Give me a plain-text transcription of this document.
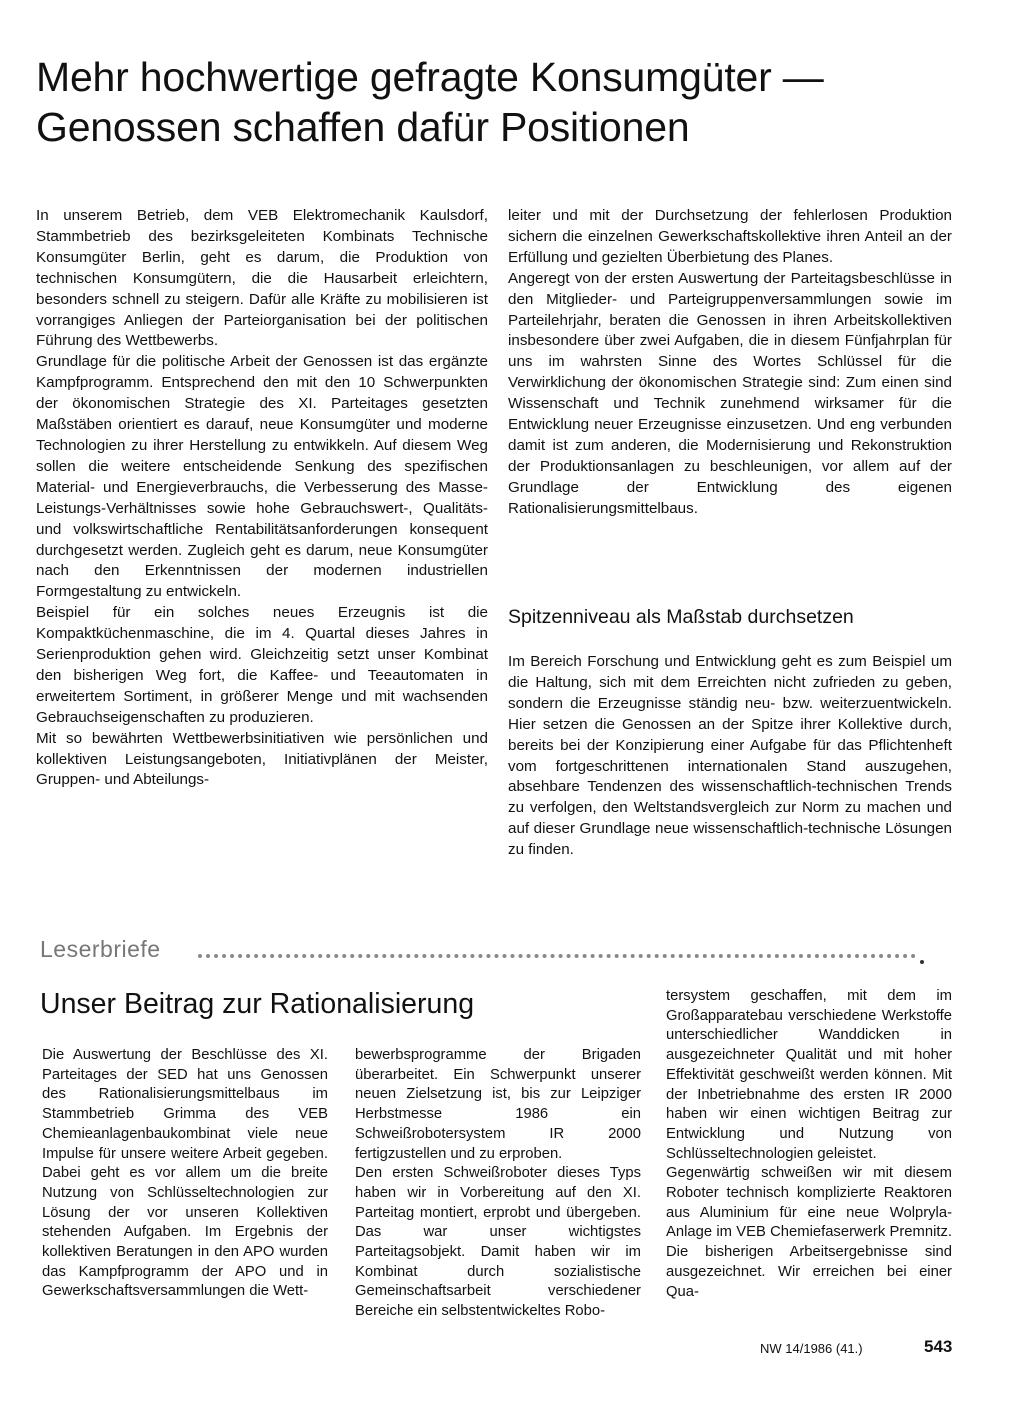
Mehr hochwertige gefragte Konsumgüter —
Genossen schaffen dafür Positionen

In unserem Betrieb, dem VEB Elektromechanik Kaulsdorf, Stammbetrieb des bezirksgeleiteten Kombinats Technische Konsumgüter Berlin, geht es darum, die Produktion von technischen Konsumgütern, die die Hausarbeit erleichtern, besonders schnell zu steigern. Dafür alle Kräfte zu mobilisieren ist vorrangiges Anliegen der Parteiorganisation bei der politischen Führung des Wettbewerbs.

Grundlage für die politische Arbeit der Genossen ist das ergänzte Kampfprogramm. Entsprechend den mit den 10 Schwerpunkten der ökonomischen Strategie des XI. Parteitages gesetzten Maßstäben orientiert es darauf, neue Konsumgüter und moderne Technologien zu ihrer Herstellung zu entwikkeln. Auf diesem Weg sollen die weitere entscheidende Senkung des spezifischen Material- und Energieverbrauchs, die Verbesserung des Masse-Leistungs-Verhältnisses sowie hohe Gebrauchswert-, Qualitäts- und volkswirtschaftliche Rentabilitätsanforderungen konsequent durchgesetzt werden. Zugleich geht es darum, neue Konsumgüter nach den Erkenntnissen der modernen industriellen Formgestaltung zu entwickeln.

Beispiel für ein solches neues Erzeugnis ist die Kompaktküchenmaschine, die im 4. Quartal dieses Jahres in Serienproduktion gehen wird. Gleichzeitig setzt unser Kombinat den bisherigen Weg fort, die Kaffee- und Teeautomaten in erweitertem Sortiment, in größerer Menge und mit wachsenden Gebrauchseigenschaften zu produzieren.

Mit so bewährten Wettbewerbsinitiativen wie persönlichen und kollektiven Leistungsangeboten, Initiativplänen der Meister, Gruppen- und Abteilungs-

leiter und mit der Durchsetzung der fehlerlosen Produktion sichern die einzelnen Gewerkschaftskollektive ihren Anteil an der Erfüllung und gezielten Überbietung des Planes.

Angeregt von der ersten Auswertung der Parteitagsbeschlüsse in den Mitglieder- und Parteigruppenversammlungen sowie im Parteilehrjahr, beraten die Genossen in ihren Arbeitskollektiven insbesondere über zwei Aufgaben, die in diesem Fünfjahrplan für uns im wahrsten Sinne des Wortes Schlüssel für die Verwirklichung der ökonomischen Strategie sind: Zum einen sind Wissenschaft und Technik zunehmend wirksamer für die Entwicklung neuer Erzeugnisse einzusetzen. Und eng verbunden damit ist zum anderen, die Modernisierung und Rekonstruktion der Produktionsanlagen zu beschleunigen, vor allem auf der Grundlage der Entwicklung des eigenen Rationalisierungsmittelbaus.

Spitzenniveau als Maßstab durchsetzen

Im Bereich Forschung und Entwicklung geht es zum Beispiel um die Haltung, sich mit dem Erreichten nicht zufrieden zu geben, sondern die Erzeugnisse ständig neu- bzw. weiterzuentwickeln. Hier setzen die Genossen an der Spitze ihrer Kollektive durch, bereits bei der Konzipierung einer Aufgabe für das Pflichtenheft vom fortgeschrittenen internationalen Stand auszugehen, absehbare Tendenzen des wissenschaftlich-technischen Trends zu verfolgen, den Weltstandsvergleich zur Norm zu machen und auf dieser Grundlage neue wissenschaftlich-technische Lösungen zu finden.

Leserbriefe
Unser Beitrag zur Rationalisierung

Die Auswertung der Beschlüsse des XI. Parteitages der SED hat uns Genossen des Rationalisierungsmittelbaus im Stammbetrieb Grimma des VEB Chemieanlagenbaukombinat viele neue Impulse für unsere weitere Arbeit gegeben. Dabei geht es vor allem um die breite Nutzung von Schlüsseltechnologien zur Lösung der vor unseren Kollektiven stehenden Aufgaben. Im Ergebnis der kollektiven Beratungen in den APO wurden das Kampfprogramm der APO und in Gewerkschaftsversammlungen die Wett-

bewerbsprogramme der Brigaden überarbeitet. Ein Schwerpunkt unserer neuen Zielsetzung ist, bis zur Leipziger Herbstmesse 1986 ein Schweißrobotersystem IR 2000 fertigzustellen und zu erproben.

Den ersten Schweißroboter dieses Typs haben wir in Vorbereitung auf den XI. Parteitag montiert, erprobt und übergeben. Das war unser wichtigstes Parteitagsobjekt. Damit haben wir im Kombinat durch sozialistische Gemeinschaftsarbeit verschiedener Bereiche ein selbstentwickeltes Robo-

tersystem geschaffen, mit dem im Großapparatebau verschiedene Werkstoffe unterschiedlicher Wanddicken in ausgezeichneter Qualität und mit hoher Effektivität geschweißt werden können. Mit der Inbetriebnahme des ersten IR 2000 haben wir einen wichtigen Beitrag zur Entwicklung und Nutzung von Schlüsseltechnologien geleistet.

Gegenwärtig schweißen wir mit diesem Roboter technisch komplizierte Reaktoren aus Aluminium für eine neue Wolpryla-Anlage im VEB Chemiefaserwerk Premnitz. Die bisherigen Arbeitsergebnisse sind ausgezeichnet. Wir erreichen bei einer Qua-

NW 14/1986 (41.)	543
